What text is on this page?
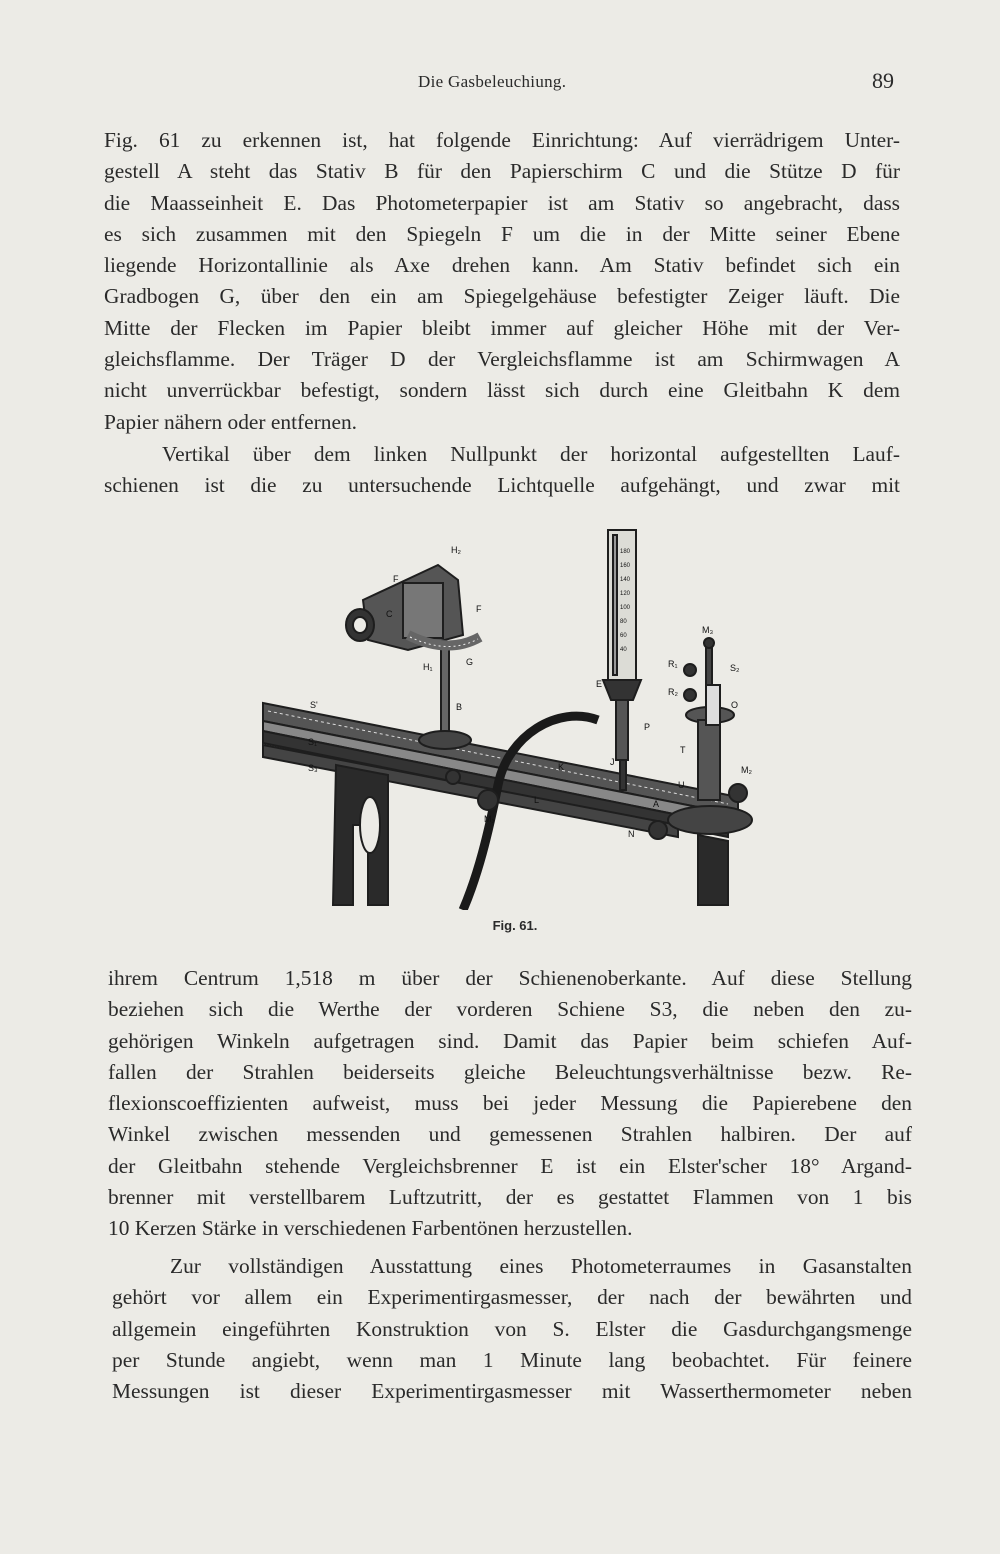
Die Gasbeleuchiung.	89

Fig. 61 zu erkennen ist, hat folgende Einrichtung: Auf vierrädrigem Unter-
gestell A steht das Stativ B für den Papierschirm C und die Stütze D für
die Maasseinheit E. Das Photometerpapier ist am Stativ so angebracht, dass
es sich zusammen mit den Spiegeln F um die in der Mitte seiner Ebene
liegende Horizontallinie als Axe drehen kann. Am Stativ befindet sich ein
Gradbogen G, über den ein am Spiegelgehäuse befestigter Zeiger läuft. Die
Mitte der Flecken im Papier bleibt immer auf gleicher Höhe mit der Ver-
gleichsflamme. Der Träger D der Vergleichsflamme ist am Schirmwagen A
nicht unverrückbar befestigt, sondern lässt sich durch eine Gleitbahn K dem
Papier nähern oder entfernen.

Vertikal über dem linken Nullpunkt der horizontal aufgestellten Lauf-
schienen ist die zu untersuchende Lichtquelle aufgehängt, und zwar mit

H₂
F
F
C
G
H₁
B
S'
S₁
S₃
E
P
J
K
L
M₁
N
A
T
U
M₂
M₃
S₂
R₁
R₂
O
180
160
140
120
100
80
60
40
Fig. 61.

ihrem Centrum 1,518 m über der Schienenoberkante. Auf diese Stellung
beziehen sich die Werthe der vorderen Schiene S3, die neben den zu-
gehörigen Winkeln aufgetragen sind. Damit das Papier beim schiefen Auf-
fallen der Strahlen beiderseits gleiche Beleuchtungsverhältnisse bezw. Re-
flexionscoeffizienten aufweist, muss bei jeder Messung die Papierebene den
Winkel zwischen messenden und gemessenen Strahlen halbiren. Der auf
der Gleitbahn stehende Vergleichsbrenner E ist ein Elster'scher 18° Argand-
brenner mit verstellbarem Luftzutritt, der es gestattet Flammen von 1 bis
10 Kerzen Stärke in verschiedenen Farbentönen herzustellen.

Zur vollständigen Ausstattung eines Photometerraumes in Gasanstalten
gehört vor allem ein Experimentirgasmesser, der nach der bewährten und
allgemein eingeführten Konstruktion von S. Elster die Gasdurchgangsmenge
per Stunde angiebt, wenn man 1 Minute lang beobachtet. Für feinere
Messungen ist dieser Experimentirgasmesser mit Wasserthermometer neben
